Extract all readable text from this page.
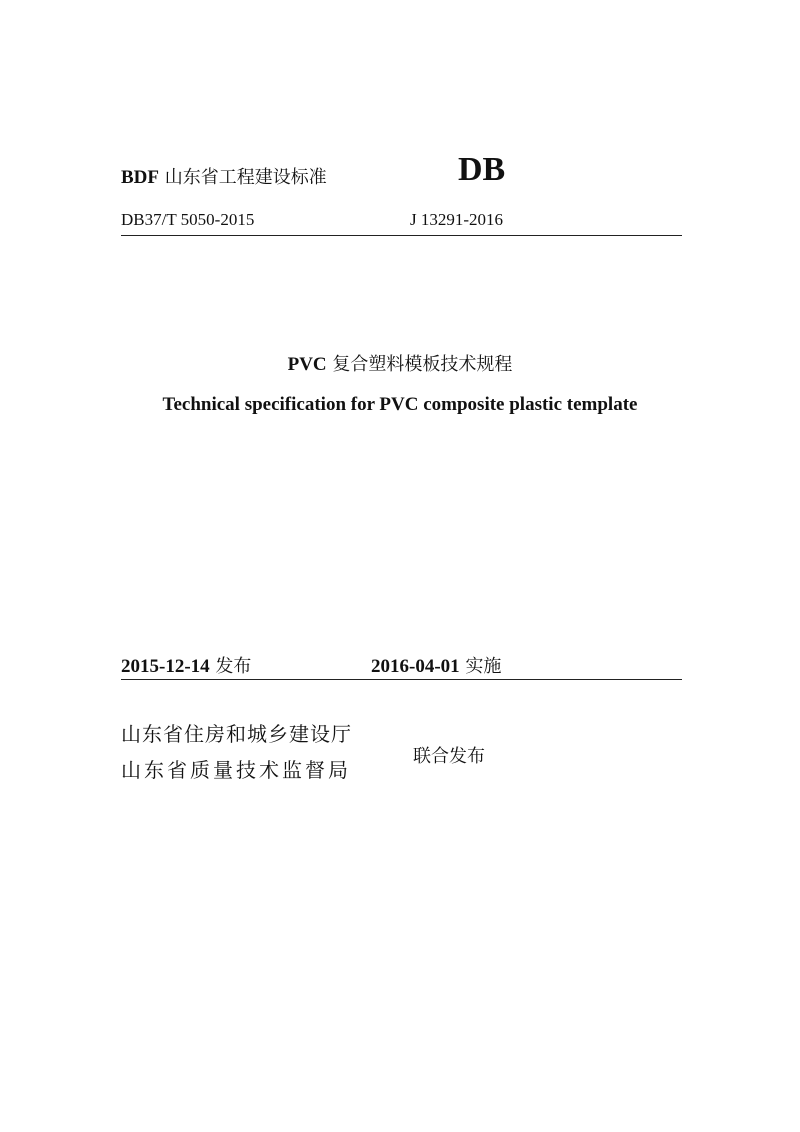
BDF 山东省工程建设标准	DB
DB37/T 5050-2015	J 13291-2016
PVC 复合塑料模板技术规程
Technical specification for PVC composite plastic template
2015-12-14 发布	2016-04-01 实施
山东省住房和城乡建设厅
山东省质量技术监督局
联合发布
